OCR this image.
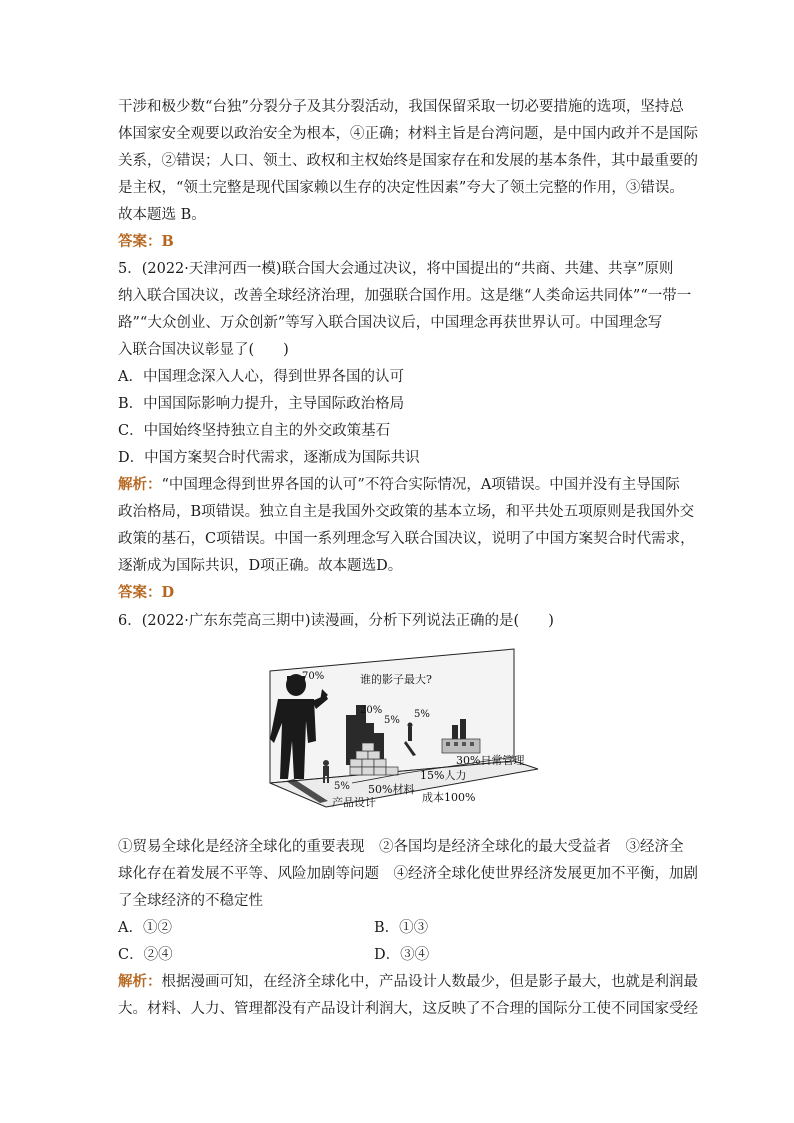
干涉和极少数“台独”分裂分子及其分裂活动，我国保留采取一切必要措施的选项，坚持总
体国家安全观要以政治安全为根本，④正确；材料主旨是台湾问题，是中国内政并不是国际
关系，②错误；人口、领土、政权和主权始终是国家存在和发展的基本条件，其中最重要的
是主权，“领土完整是现代国家赖以生存的决定性因素”夸大了领土完整的作用，③错误。
故本题选 B。
答案：B
5．(2022·天津河西一模)联合国大会通过决议，将中国提出的“共商、共建、共享”原则
纳入联合国决议，改善全球经济治理，加强联合国作用。这是继“人类命运共同体”“一带一
路”“大众创业、万众创新”等写入联合国决议后，中国理念再获世界认可。中国理念写
入联合国决议彰显了(　　)
A．中国理念深入人心，得到世界各国的认可
B．中国国际影响力提升，主导国际政治格局
C．中国始终坚持独立自主的外交政策基石
D．中国方案契合时代需求，逐渐成为国际共识
解析：“中国理念得到世界各国的认可”不符合实际情况，A项错误。中国并没有主导国际
政治格局，B项错误。独立自主是我国外交政策的基本立场，和平共处五项原则是我国外交
政策的基石，C项错误。中国一系列理念写入联合国决议，说明了中国方案契合时代需求，
逐渐成为国际共识，D项正确。故本题选D。
答案：D
6．(2022·广东东莞高三期中)读漫画，分析下列说法正确的是(　　)
70%	谁的影子最大?
20%
5%
5%
5%
30%日常管理
15%人力
50%材料
成本100%
产品设计
①贸易全球化是经济全球化的重要表现　②各国均是经济全球化的最大受益者　③经济全
球化存在着发展不平等、风险加剧等问题　④经济全球化使世界经济发展更加不平衡，加剧
了全球经济的不稳定性
A．①②	B．①③
C．②④	D．③④
解析：根据漫画可知，在经济全球化中，产品设计人数最少，但是影子最大，也就是利润最
大。材料、人力、管理都没有产品设计利润大，这反映了不合理的国际分工使不同国家受经
